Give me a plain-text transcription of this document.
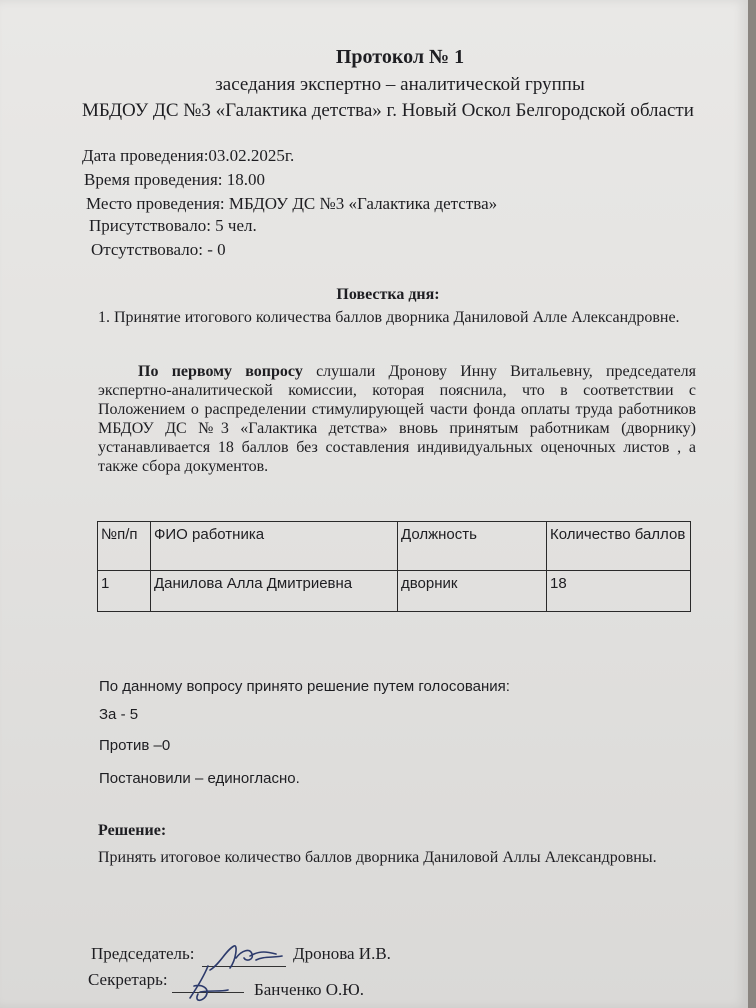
Протокол № 1
заседания экспертно – аналитической группы
МБДОУ ДС №3 «Галактика детства» г. Новый Оскол Белгородской области
Дата проведения:03.02.2025г.
Время проведения: 18.00
Место проведения: МБДОУ ДС №3 «Галактика детства»
Присутствовало: 5 чел.
Отсутствовало: - 0
Повестка дня:
1. Принятие итогового количества баллов дворника Даниловой Алле Александровне.
По первому вопросу слушали Дронову Инну Витальевну, председателя экспертно-аналитической комиссии, которая пояснила, что в соответствии с Положением о распределении стимулирующей части фонда оплаты труда работников МБДОУ ДС №3 «Галактика детства» вновь принятым работникам (дворнику) устанавливается 18 баллов без составления индивидуальных оценочных листов , а также сбора документов.
№п/п	ФИО работника	Должность	Количество баллов
1	Данилова Алла Дмитриевна	дворник	18
По данному вопросу принято решение путем голосования:
За - 5
Против –0
Постановили – единогласно.
Решение:
Принять итоговое количество баллов дворника Даниловой Аллы Александровны.
Председатель:	Дронова И.В.
Секретарь:
Банченко О.Ю.
